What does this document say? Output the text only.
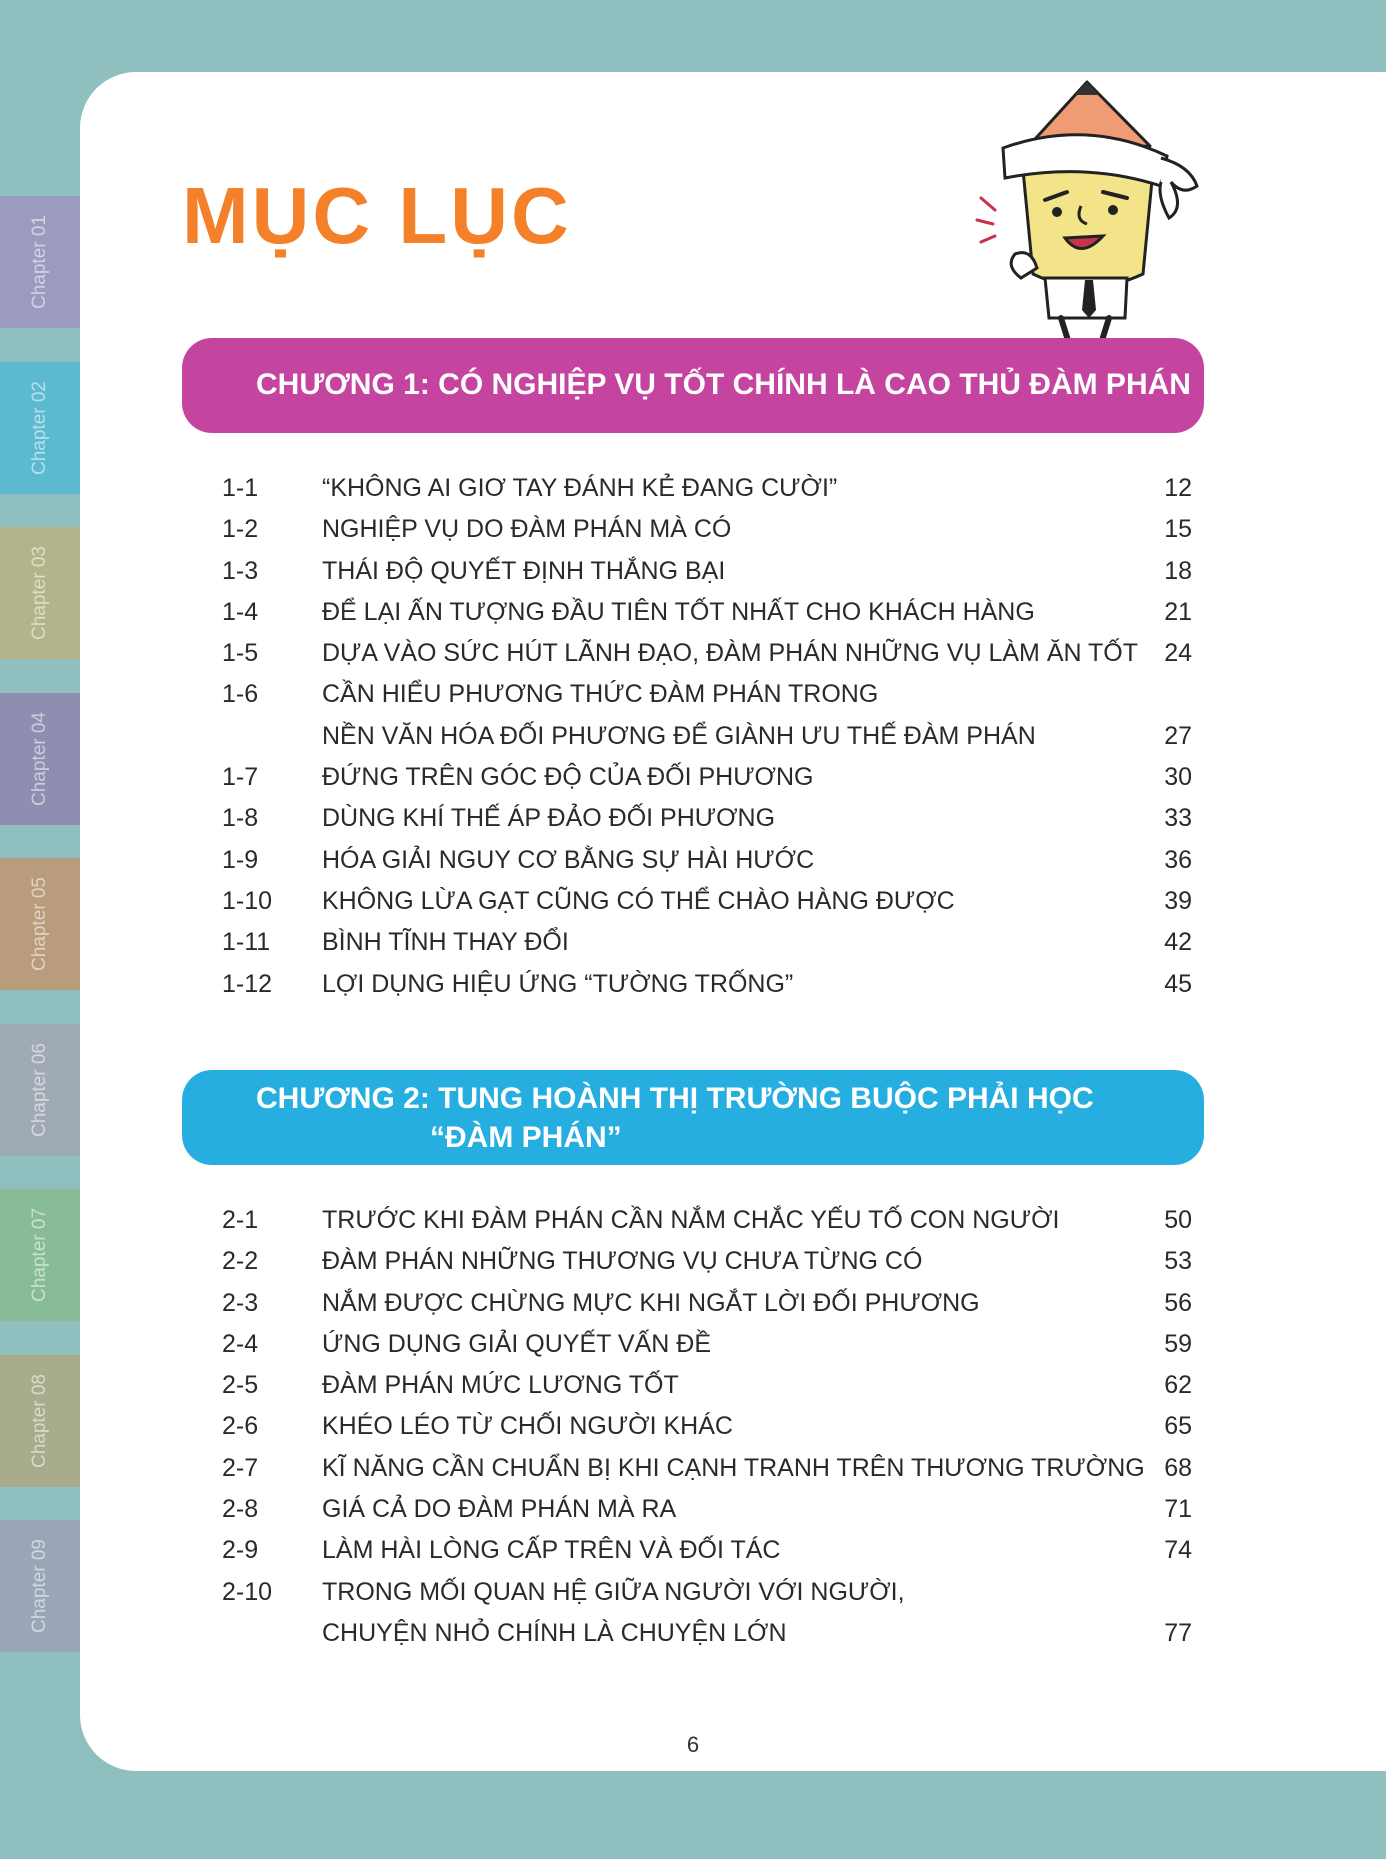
Chapter 01
Chapter 02
Chapter 03
Chapter 04
Chapter 05
Chapter 06
Chapter 07
Chapter 08
Chapter 09
MỤC LỤC
CHƯƠNG 1: CÓ NGHIỆP VỤ TỐT CHÍNH LÀ CAO THỦ ĐÀM PHÁN
1-1	“KHÔNG AI GIƠ TAY ĐÁNH KẺ ĐANG CƯỜI”	12
1-2	NGHIỆP VỤ DO ĐÀM PHÁN MÀ CÓ	15
1-3	THÁI ĐỘ QUYẾT ĐỊNH THẮNG BẠI	18
1-4	ĐỂ LẠI ẤN TƯỢNG ĐẦU TIÊN TỐT NHẤT CHO KHÁCH HÀNG	21
1-5	DỰA VÀO SỨC HÚT LÃNH ĐẠO, ĐÀM PHÁN NHỮNG VỤ LÀM ĂN TỐT 24
1-6	CẦN HIỂU PHƯƠNG THỨC ĐÀM PHÁN TRONG
NỀN VĂN HÓA ĐỐI PHƯƠNG ĐỂ GIÀNH ƯU THẾ ĐÀM PHÁN	27
1-7	ĐỨNG TRÊN GÓC ĐỘ CỦA ĐỐI PHƯƠNG	30
1-8	DÙNG KHÍ THẾ ÁP ĐẢO ĐỐI PHƯƠNG	33
1-9	HÓA GIẢI NGUY CƠ BẰNG SỰ HÀI HƯỚC	36
1-10 KHÔNG LỪA GẠT CŨNG CÓ THỂ CHÀO HÀNG ĐƯỢC	39
1-11 BÌNH TĨNH THAY ĐỔI	42
1-12 LỢI DỤNG HIỆU ỨNG “TƯỜNG TRỐNG”	45
CHƯƠNG 2: TUNG HOÀNH THỊ TRƯỜNG BUỘC PHẢI HỌC
“ĐÀM PHÁN”
2-1	TRƯỚC KHI ĐÀM PHÁN CẦN NẮM CHẮC YẾU TỐ CON NGƯỜI	50
2-2	ĐÀM PHÁN NHỮNG THƯƠNG VỤ CHƯA TỪNG CÓ	53
2-3	NẮM ĐƯỢC CHỪNG MỰC KHI NGẮT LỜI ĐỐI PHƯƠNG	56
2-4	ỨNG DỤNG GIẢI QUYẾT VẤN ĐỀ	59
2-5	ĐÀM PHÁN MỨC LƯƠNG TỐT	62
2-6	KHÉO LÉO TỪ CHỐI NGƯỜI KHÁC	65
2-7	KĨ NĂNG CẦN CHUẨN BỊ KHI CẠNH TRANH TRÊN THƯƠNG TRƯỜNG 68
2-8	GIÁ CẢ DO ĐÀM PHÁN MÀ RA	71
2-9	LÀM HÀI LÒNG CẤP TRÊN VÀ ĐỐI TÁC	74
2-10 TRONG MỐI QUAN HỆ GIỮA NGƯỜI VỚI NGƯỜI,
CHUYỆN NHỎ CHÍNH LÀ CHUYỆN LỚN	77
6
